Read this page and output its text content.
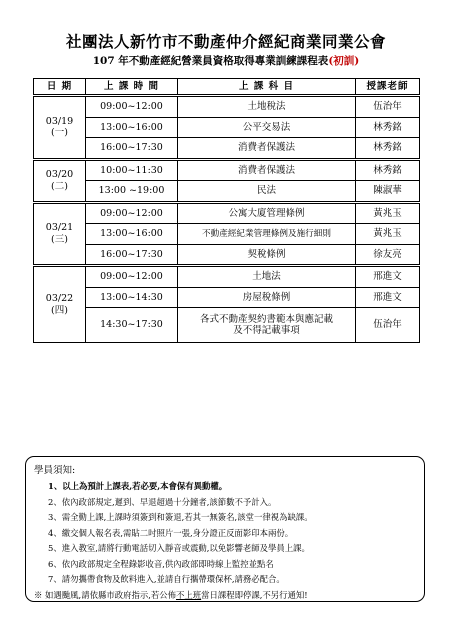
社團法人新竹市不動產仲介經紀商業同業公會
107 年不動產經紀營業員資格取得專業訓練課程表(初訓)
日 期	上 課 時 間	上 課 科 目	授課老師
03/19
(一)	09:00~12:00	土地稅法	伍治年
	13:00~16:00	公平交易法	林秀銘
	16:00~17:30	消費者保護法	林秀銘
03/20
(二)	10:00~11:30	消費者保護法	林秀銘
	13:00 ~19:00	民法	陳淑華
03/21
(三)	09:00~12:00	公寓大廈管理條例	黃兆玉
	13:00~16:00	不動產經紀業管理條例及施行細則	黃兆玉
	16:00~17:30	契稅條例	徐友亮
03/22
(四)	09:00~12:00	土地法	邢進文
	13:00~14:30	房屋稅條例	邢進文
	14:30~17:30	各式不動產契約書範本與應記載
及不得記載事項	伍治年
學員須知:
1、以上為預計上課表,若必要,本會保有異動權。
2、依內政部規定,遲到、早退超過十分鐘者,該節數不予計入。
3、需全勤上課,上課時須簽到和簽退,若其一無簽名,該堂一律視為缺課。
4、繳交個人報名表,需貼二吋照片一張,身分證正反面影印本兩份。
5、進入教室,請將行動電話切入靜音或震動,以免影響老師及學員上課。
6、依內政部規定全程錄影收音,供內政部即時線上監控並點名
7、請勿攜帶食物及飲料進入,並請自行攜帶環保杯,請務必配合。
※ 如遇颱風,請依縣市政府指示,若公佈不上班當日課程即停課,不另行通知!
